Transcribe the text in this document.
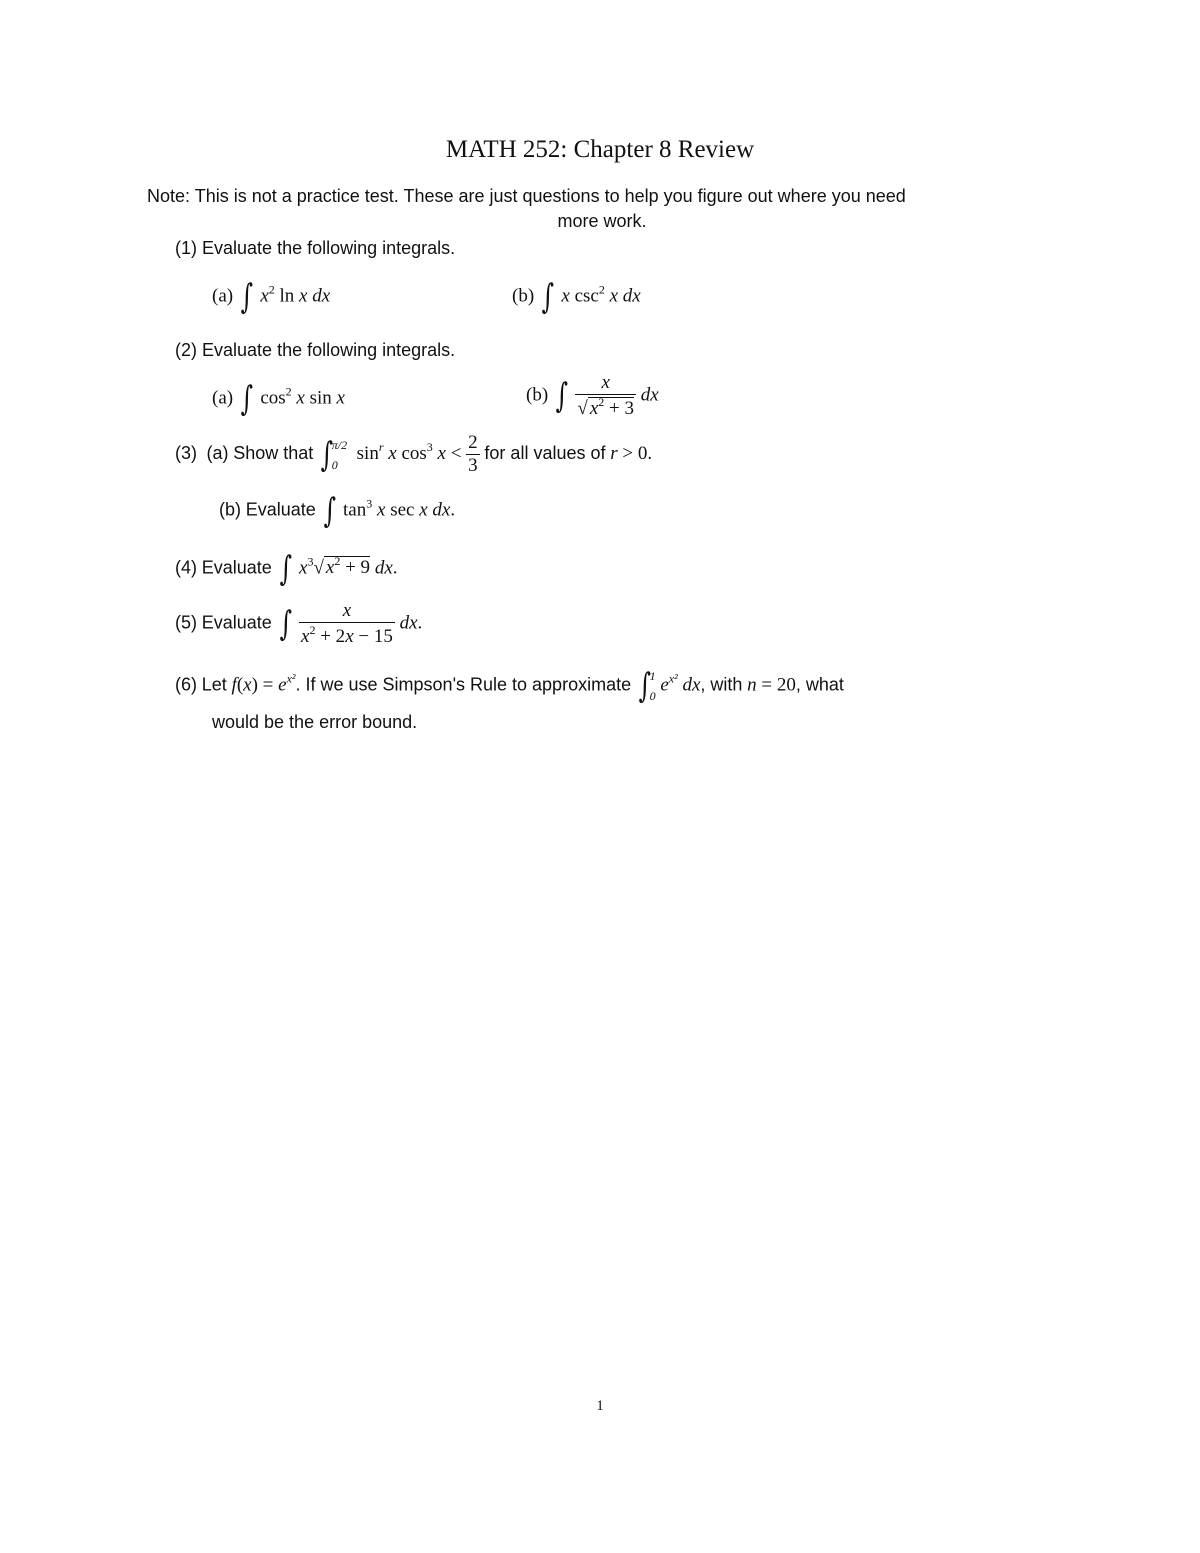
MATH 252: Chapter 8 Review
Note: This is not a practice test. These are just questions to help you figure out where you need
more work.
(1) Evaluate the following integrals.
(a) ∫ $x^2$ ln x dx	(b) ∫ x $\csc^2 x$ dx
(2) Evaluate the following integrals.
(a) ∫ $\cos^2 x$ sin x	(b) ∫ $\frac{x}{√ x^2 + 3}$ dx
(3) (a) Show that ∫
π/2
0
$\sin^r x$ $\cos^3 x < \frac{2}{3}$ for all values of r > 0.
(b) Evaluate ∫ $\tan^3 x$ sec x dx.
(4) Evaluate ∫ $x^3√$ $x^2 + 9$ dx.
(5) Evaluate ∫ $\frac{x}{x^2 + 2x - 15}$ dx.
(6) Let $f(x) = e^{x^2}$. If we use Simpson's Rule to approximate ∫
1
0
$e^{x^2}$ dx, with n = 20, what
would be the error bound.
1
